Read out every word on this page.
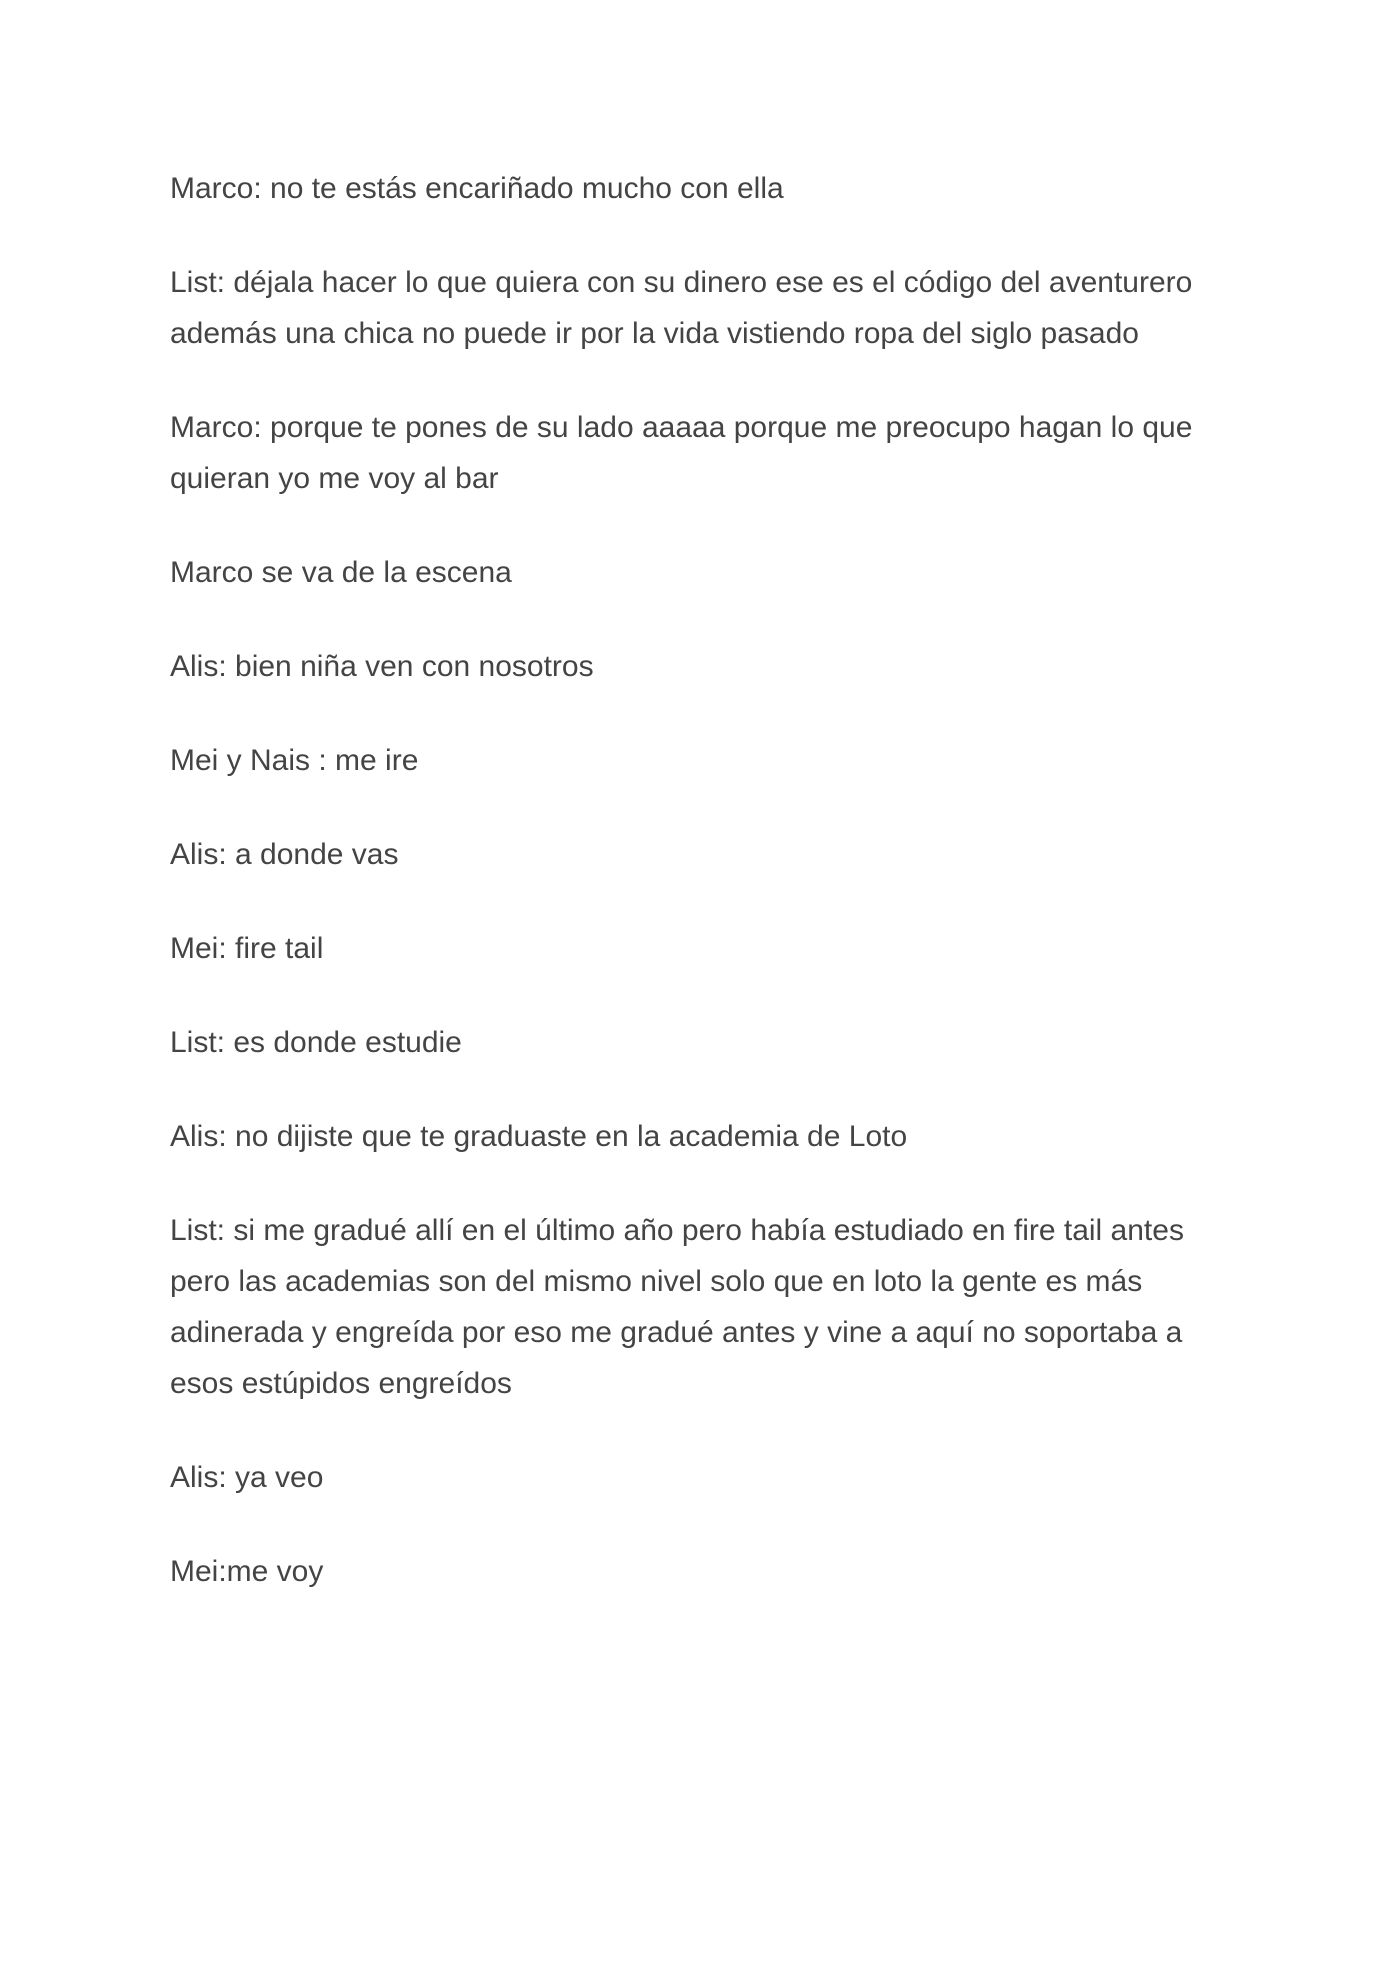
Marco: no te estás encariñado mucho con ella

List: déjala hacer lo que quiera con su dinero ese es el código del aventurero además una chica no puede ir por la vida vistiendo ropa del siglo pasado

Marco: porque te pones de su lado aaaaa porque me preocupo hagan lo que quieran yo me voy al bar

Marco se va de la escena

Alis: bien niña ven con nosotros

Mei y Nais : me ire

Alis: a donde vas

Mei: fire tail

List: es donde estudie

Alis: no dijiste que te graduaste en la academia de Loto

List: si me gradué allí en el último año pero había estudiado en fire tail antes pero las academias son del mismo nivel solo que en loto la gente es más adinerada y engreída por eso me gradué antes y vine a aquí no soportaba a esos estúpidos engreídos

Alis: ya veo

Mei:me voy
